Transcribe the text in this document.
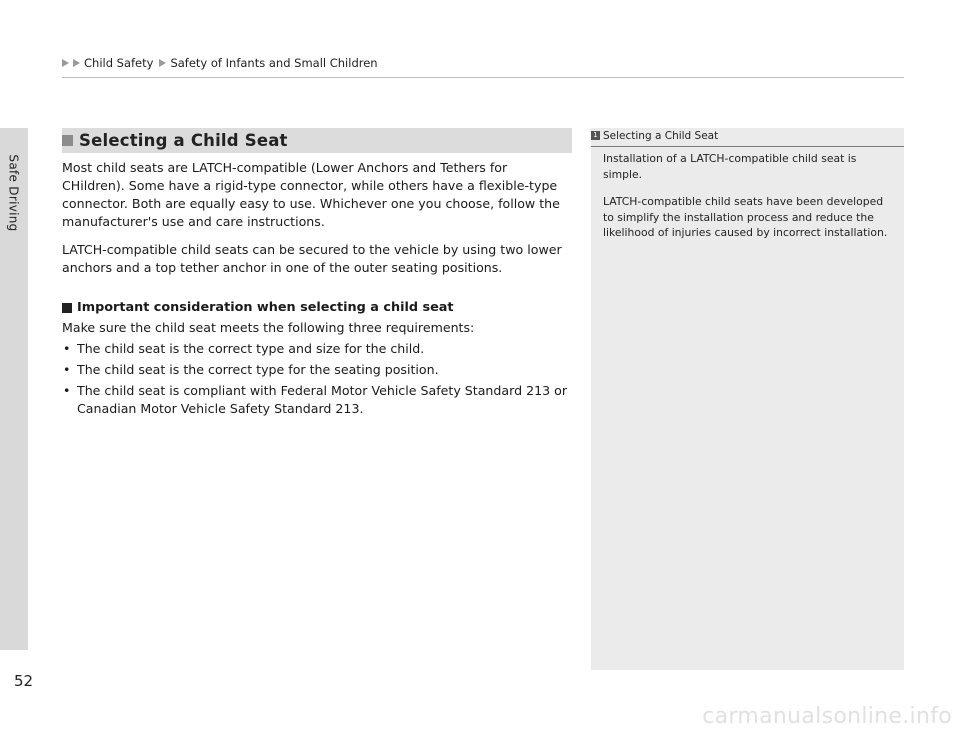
Safe Driving
Child Safety Safety of Infants and Small Children
Selecting a Child Seat

Most child seats are LATCH-compatible (Lower Anchors and Tethers for CHildren). Some have a rigid-type connector, while others have a flexible-type connector. Both are equally easy to use. Whichever one you choose, follow the manufacturer's use and care instructions.

LATCH-compatible child seats can be secured to the vehicle by using two lower anchors and a top tether anchor in one of the outer seating positions.

Important consideration when selecting a child seat

Make sure the child seat meets the following three requirements:

• The child seat is the correct type and size for the child.
• The child seat is the correct type for the seating position.
• The child seat is compliant with Federal Motor Vehicle Safety Standard 213 or Canadian Motor Vehicle Safety Standard 213.
1 Selecting a Child Seat

Installation of a LATCH-compatible child seat is simple.

LATCH-compatible child seats have been developed to simplify the installation process and reduce the likelihood of injuries caused by incorrect installation.

52
carmanualsonline.info
